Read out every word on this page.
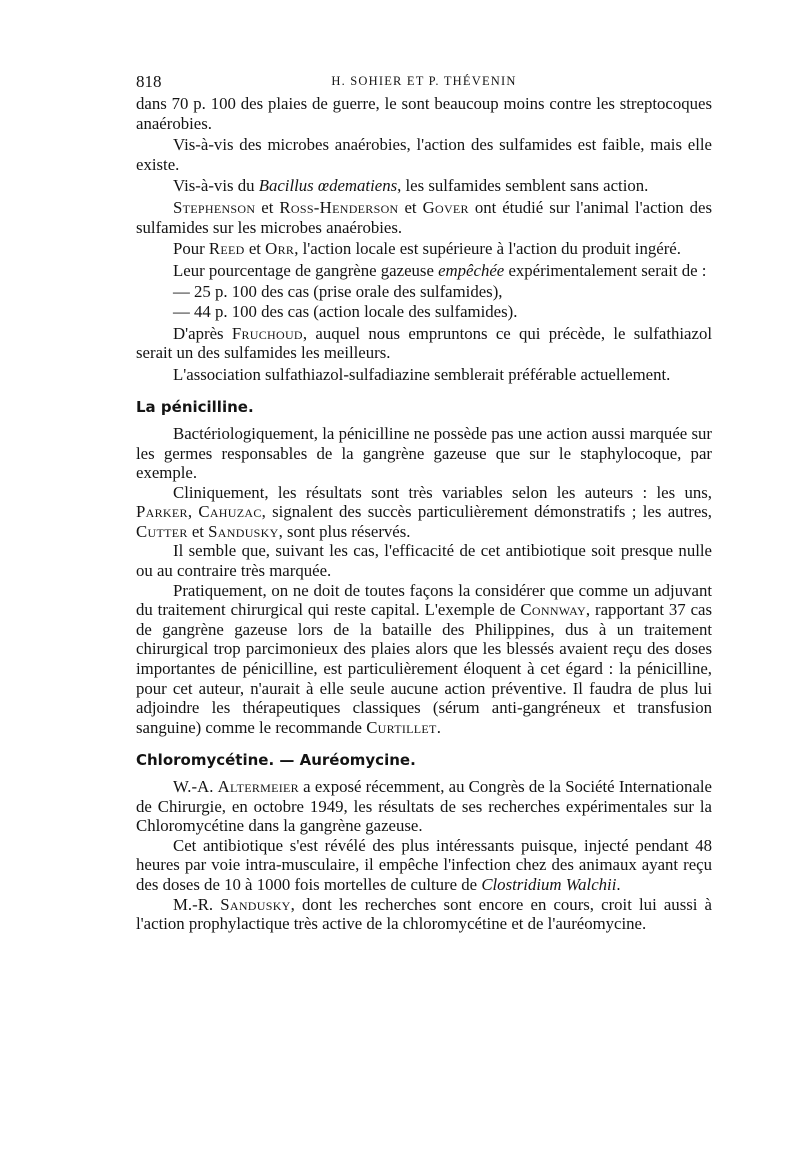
818	H. SOHIER ET P. THÉVENIN

dans 70 p. 100 des plaies de guerre, le sont beaucoup moins contre les streptocoques anaérobies.

Vis-à-vis des microbes anaérobies, l'action des sulfamides est faible, mais elle existe.

Vis-à-vis du Bacillus œdematiens, les sulfamides semblent sans action.

Stephenson et Ross-Henderson et Gover ont étudié sur l'animal l'action des sulfamides sur les microbes anaérobies.

Pour Reed et Orr, l'action locale est supérieure à l'action du produit ingéré.

Leur pourcentage de gangrène gazeuse empêchée expérimentalement serait de :

— 25 p. 100 des cas (prise orale des sulfamides),

— 44 p. 100 des cas (action locale des sulfamides).

D'après Fruchoud, auquel nous empruntons ce qui précède, le sulfathiazol serait un des sulfamides les meilleurs.

L'association sulfathiazol-sulfadiazine semblerait préférable actuellement.

La pénicilline.

Bactériologiquement, la pénicilline ne possède pas une action aussi marquée sur les germes responsables de la gangrène gazeuse que sur le staphylocoque, par exemple.

Cliniquement, les résultats sont très variables selon les auteurs : les uns, Parker, Cahuzac, signalent des succès particulièrement démonstratifs ; les autres, Cutter et Sandusky, sont plus réservés.

Il semble que, suivant les cas, l'efficacité de cet antibiotique soit presque nulle ou au contraire très marquée.

Pratiquement, on ne doit de toutes façons la considérer que comme un adjuvant du traitement chirurgical qui reste capital. L'exemple de Connway, rapportant 37 cas de gangrène gazeuse lors de la bataille des Philippines, dus à un traitement chirurgical trop parcimonieux des plaies alors que les blessés avaient reçu des doses importantes de pénicilline, est particulièrement éloquent à cet égard : la pénicilline, pour cet auteur, n'aurait à elle seule aucune action préventive. Il faudra de plus lui adjoindre les thérapeutiques classiques (sérum anti-gangréneux et transfusion sanguine) comme le recommande Curtillet.

Chloromycétine. — Auréomycine.

W.-A. Altermeier a exposé récemment, au Congrès de la Société Internationale de Chirurgie, en octobre 1949, les résultats de ses recherches expérimentales sur la Chloromycétine dans la gangrène gazeuse.

Cet antibiotique s'est révélé des plus intéressants puisque, injecté pendant 48 heures par voie intra-musculaire, il empêche l'infection chez des animaux ayant reçu des doses de 10 à 1000 fois mortelles de culture de Clostridium Walchii.

M.-R. Sandusky, dont les recherches sont encore en cours, croit lui aussi à l'action prophylactique très active de la chloromycétine et de l'auréomycine.
